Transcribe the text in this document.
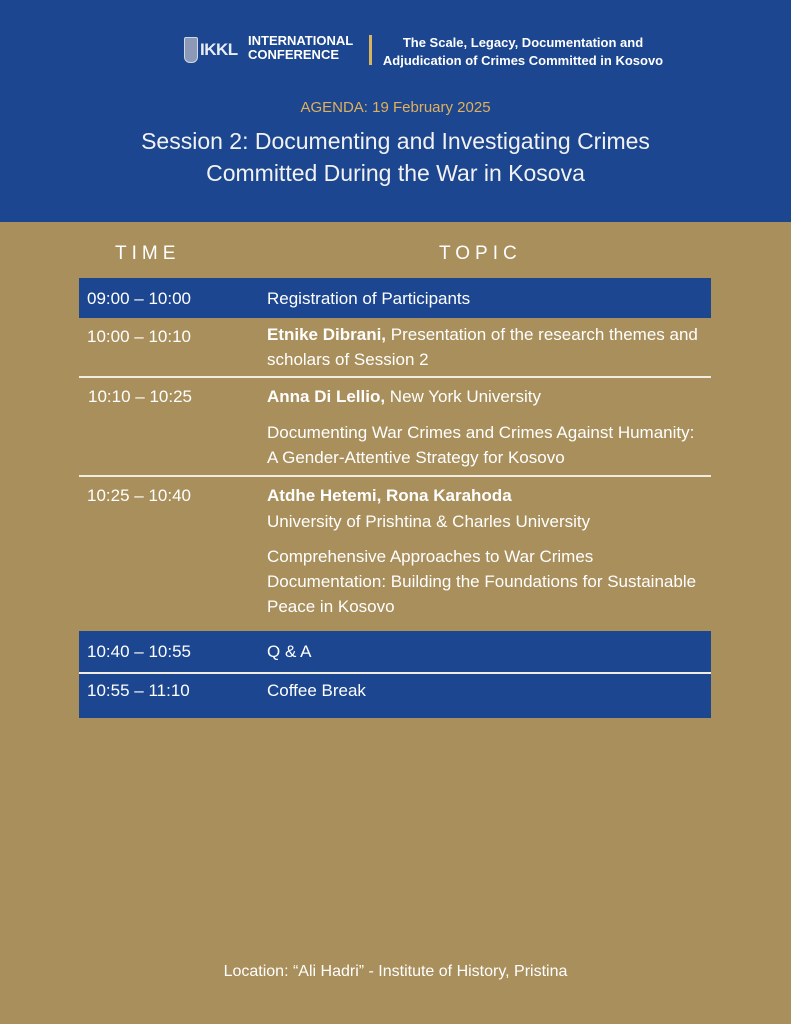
IKKL INTERNATIONAL
CONFERENCE
The Scale, Legacy, Documentation and
Adjudication of Crimes Committed in Kosovo
AGENDA: 19 February 2025
Session 2: Documenting and Investigating Crimes
Committed During the War in Kosova
TIME	TOPIC
09:00 – 10:00	Registration of Participants
10:00 – 10:10	Etnike Dibrani, Presentation of the research themes and scholars of Session 2
10:10 – 10:25	Anna Di Lellio, New York University
Documenting War Crimes and Crimes Against Humanity: A Gender-Attentive Strategy for Kosovo
10:25 – 10:40	Atdhe Hetemi, Rona Karahoda
University of Prishtina & Charles University
Comprehensive Approaches to War Crimes Documentation: Building the Foundations for Sustainable Peace in Kosovo
10:40 – 10:55	Q & A
10:55 – 11:10	Coffee Break
Location: “Ali Hadri” - Institute of History, Pristina
